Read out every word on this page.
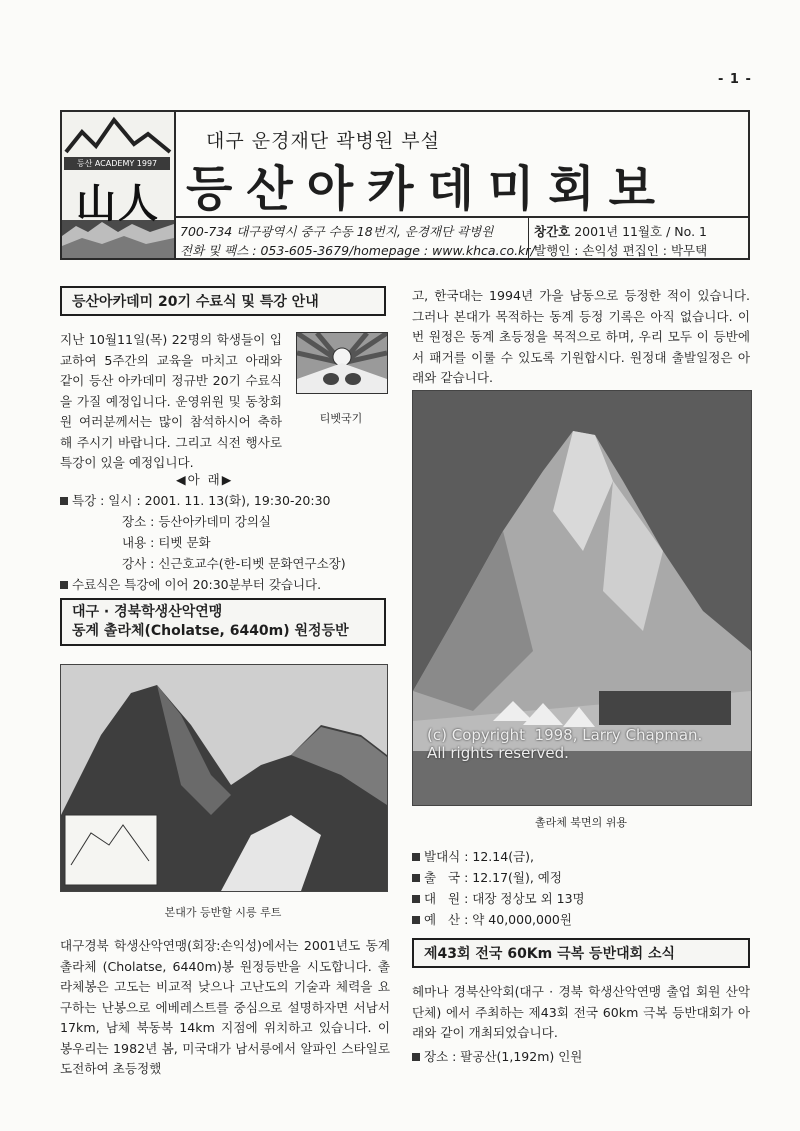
- 1 -
등산 ACADEMY 1997
山人
대구 운경재단 곽병원 부설
등산아카데미회보
700-734 대구광역시 중구 수동 18번지, 운경재단 곽병원
전화 및 팩스 : 053-605-3679/homepage : www.khca.co.kr/
창간호 2001년 11월호 / No. 1
발행인 : 손익성 편집인 : 박무택
등산아카데미 20기 수료식 및 특강 안내
지난 10월11일(목) 22명의 학생들이 입교하여 5주간의 교육을 마치고 아래와 같이 등산 아카데미 정규반 20기 수료식을 가질 예정입니다. 운영위원 및 동창회원 여러분께서는 많이 참석하시어 축하해 주시기 바랍니다. 그리고 식전 행사로 특강이 있을 예정입니다.
티벳국기
◀아 래▶
특강 : 일시 : 2001. 11. 13(화), 19:30-20:30
장소 : 등산아카데미 강의실
내용 : 티벳 문화
강사 : 신근호교수(한-티벳 문화연구소장)
수료식은 특강에 이어 20:30분부터 갖습니다.
대구 · 경북학생산악연맹
동계 촐라체(Cholatse, 6440m) 원정등반
본대가 등반할 시릉 루트
대구경북 학생산악연맹(회장:손익성)에서는 2001년도 동계 촐라체 (Cholatse, 6440m)봉 원정등반을 시도합니다. 촐라체봉은 고도는 비교적 낮으나 고난도의 기술과 체력을 요구하는 난봉으로 에베레스트를 중심으로 설명하자면 서남서 17km, 남체 북동북 14km 지점에 위치하고 있습니다. 이 봉우리는 1982년 봄, 미국대가 남서릉에서 알파인 스타일로 도전하여 초등정했
고, 한국대는 1994년 가을 남동으로 등정한 적이 있습니다. 그러나 본대가 목적하는 동계 등정 기록은 아직 없습니다. 이번 원정은 동계 초등정을 목적으로 하며, 우리 모두 이 등반에서 패거를 이룰 수 있도록 기원합시다. 원정대 출발일정은 아래와 같습니다.
(c) Copyright  1998, Larry Chapman.
All rights reserved.
촐라체 북면의 위용
발대식 : 12.14(금),
출   국 : 12.17(월), 예정
대   원 : 대장 정상모 외 13명
예   산 : 약 40,000,000원
제43회 전국 60Km 극복 등반대회 소식
헤마나 경북산악회(대구 · 경북 학생산악연맹 출업 회원 산악 단체) 에서 주최하는 제43회 전국 60km 극복 등반대회가 아래와 같이 개최되었습니다.
장소 : 팔공산(1,192m) 인원
